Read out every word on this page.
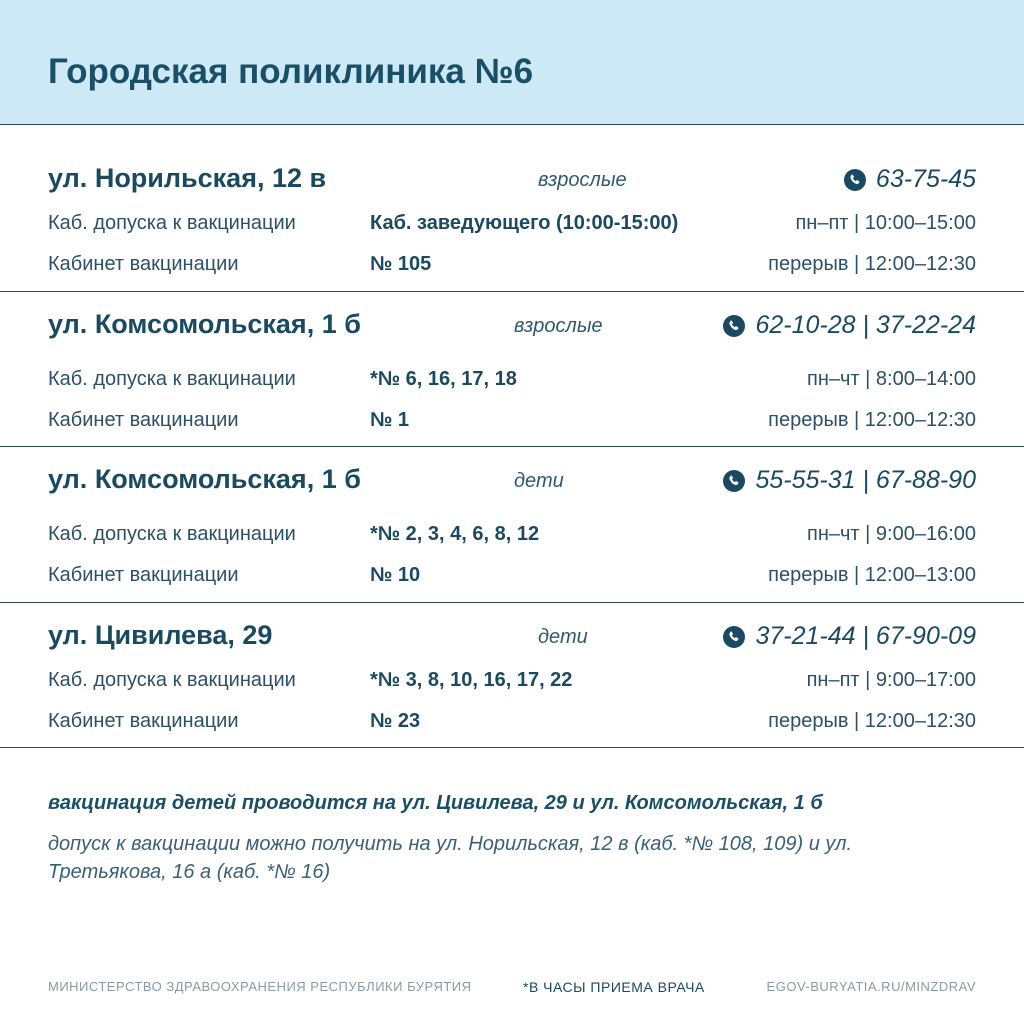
Городская поликлиника №6
ул. Норильская, 12 в	взрослые	63-75-45
Каб. допуска к вакцинации	Каб. заведующего (10:00-15:00)	пн–пт | 10:00–15:00
Кабинет вакцинации	№ 105	перерыв | 12:00–12:30
ул. Комсомольская, 1 б	взрослые	62-10-28 | 37-22-24
Каб. допуска к вакцинации	*№ 6, 16, 17, 18	пн–чт | 8:00–14:00
Кабинет вакцинации	№ 1	перерыв | 12:00–12:30
ул. Комсомольская, 1 б	дети	55-55-31 | 67-88-90
Каб. допуска к вакцинации	*№ 2, 3, 4, 6, 8, 12	пн–чт | 9:00–16:00
Кабинет вакцинации	№ 10	перерыв | 12:00–13:00
ул. Цивилева, 29	дети	37-21-44 | 67-90-09
Каб. допуска к вакцинации	*№ 3, 8, 10, 16, 17, 22	пн–пт | 9:00–17:00
Кабинет вакцинации	№ 23	перерыв | 12:00–12:30
вакцинация детей проводится на ул. Цивилева, 29 и ул. Комсомольская, 1 б
допуск к вакцинации можно получить на ул. Норильская, 12 в (каб. *№ 108, 109) и ул. Третьякова, 16 а (каб. *№ 16)
МИНИСТЕРСТВО ЗДРАВООХРАНЕНИЯ РЕСПУБЛИКИ БУРЯТИЯ	*В ЧАСЫ ПРИЕМА ВРАЧА	EGOV-BURYATIA.RU/MINZDRAV
